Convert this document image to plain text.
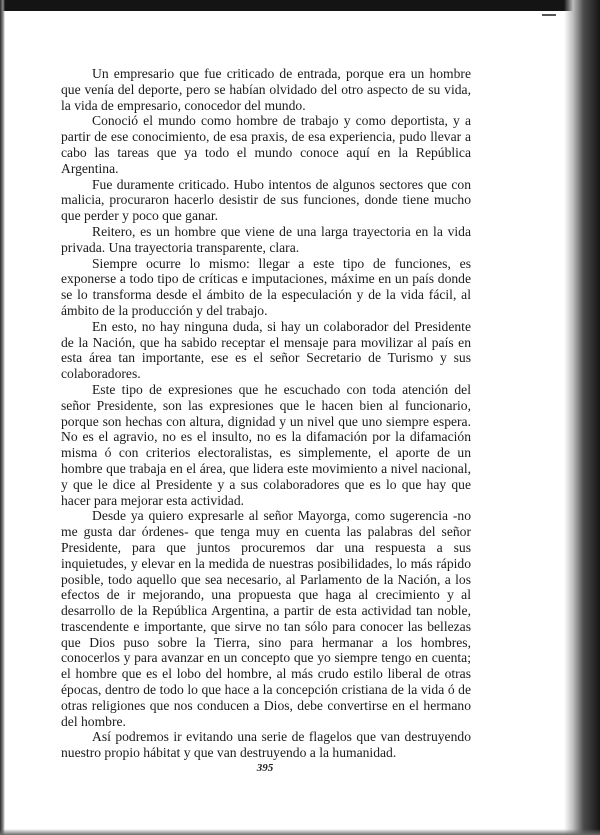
Un empresario que fue criticado de entrada, porque era un hombre que venía del deporte, pero se habían olvidado del otro aspecto de su vida, la vida de empresario, conocedor del mundo.

Conoció el mundo como hombre de trabajo y como deportista, y a partir de ese conocimiento, de esa praxis, de esa experiencia, pudo llevar a cabo las tareas que ya todo el mundo conoce aquí en la República Argentina.

Fue duramente criticado. Hubo intentos de algunos sectores que con malicia, procuraron hacerlo desistir de sus funciones, donde tiene mucho que perder y poco que ganar.

Reitero, es un hombre que viene de una larga trayectoria en la vida privada. Una trayectoria transparente, clara.

Siempre ocurre lo mismo: llegar a este tipo de funciones, es exponerse a todo tipo de críticas e imputaciones, máxime en un país donde se lo transforma desde el ámbito de la especulación y de la vida fácil, al ámbito de la producción y del trabajo.

En esto, no hay ninguna duda, si hay un colaborador del Presidente de la Nación, que ha sabido receptar el mensaje para movilizar al país en esta área tan importante, ese es el señor Secretario de Turismo y sus colaboradores.

Este tipo de expresiones que he escuchado con toda atención del señor Presidente, son las expresiones que le hacen bien al funcionario, porque son hechas con altura, dignidad y un nivel que uno siempre espera. No es el agravio, no es el insulto, no es la difamación por la difamación misma ó con criterios electoralistas, es simplemente, el aporte de un hombre que trabaja en el área, que lidera este movimiento a nivel nacional, y que le dice al Presidente y a sus colaboradores que es lo que hay que hacer para mejorar esta actividad.

Desde ya quiero expresarle al señor Mayorga, como sugerencia -no me gusta dar órdenes- que tenga muy en cuenta las palabras del señor Presidente, para que juntos procuremos dar una respuesta a sus inquietudes, y elevar en la medida de nuestras posibilidades, lo más rápido posible, todo aquello que sea necesario, al Parlamento de la Nación, a los efectos de ir mejorando, una propuesta que haga al crecimiento y al desarrollo de la República Argentina, a partir de esta actividad tan noble, trascendente e importante, que sirve no tan sólo para conocer las bellezas que Dios puso sobre la Tierra, sino para hermanar a los hombres, conocerlos y para avanzar en un concepto que yo siempre tengo en cuenta; el hombre que es el lobo del hombre, al más crudo estilo liberal de otras épocas, dentro de todo lo que hace a la concepción cristiana de la vida ó de otras religiones que nos conducen a Dios, debe convertirse en el hermano del hombre.

Así podremos ir evitando una serie de flagelos que van destruyendo nuestro propio hábitat y que van destruyendo a la humanidad.

395
